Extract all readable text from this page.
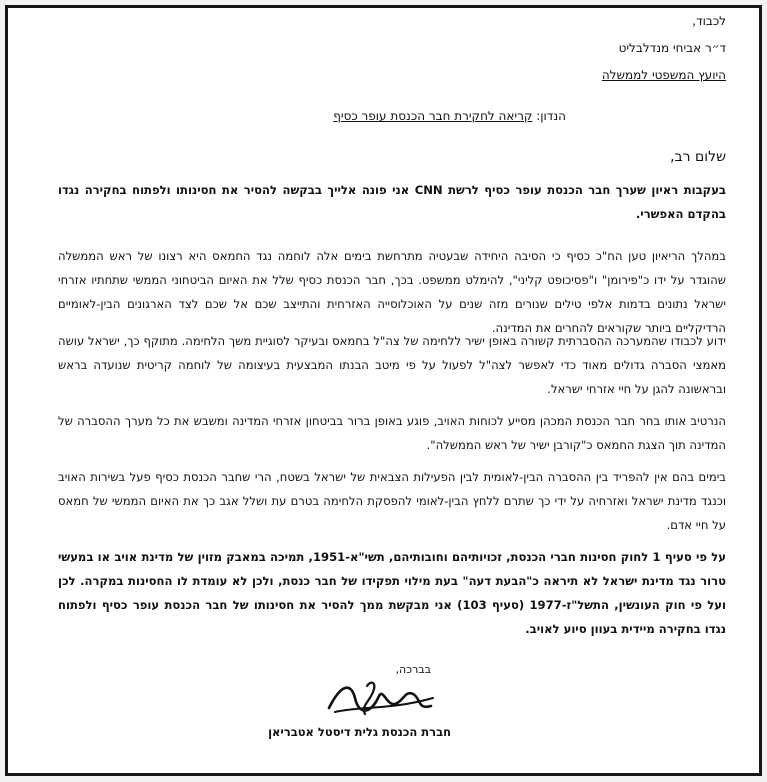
לכבוד,
ד״ר אביחי מנדלבליט
היועץ המשפטי לממשלה
הנדון: קריאה לחקירת חבר הכנסת עופר כסיף
שלום רב,
בעקבות ראיון שערך חבר הכנסת עופר כסיף לרשת CNN אני פונה אלייך בבקשה להסיר את חסינותו ולפתוח בחקירה נגדו בהקדם האפשרי.
במהלך הריאיון טען הח"כ כסיף כי הסיבה היחידה שבעטיה מתרחשת בימים אלה לוחמה נגד החמאס היא רצונו של ראש הממשלה שהוגדר על ידו כ"פירומן" ו"פסיכופט קליני", להימלט ממשפט. בכך, חבר הכנסת כסיף שלל את האיום הביטחוני הממשי שתחתיו אזרחי ישראל נתונים בדמות אלפי טילים שנורים מזה שנים על האוכלוסייה האזרחית והתייצב שכם אל שכם לצד הארגונים הבין-לאומיים הרדיקליים ביותר שקוראים להחרים את המדינה.
ידוע לכבודו שהמערכה ההסברתית קשורה באופן ישיר ללחימה של צה"ל בחמאס ובעיקר לסוגיית משך הלחימה. מתוקף כך, ישראל עושה מאמצי הסברה גדולים מאוד כדי לאפשר לצה"ל לפעול על פי מיטב הבנתו המבצעית בעיצומה של לוחמה קריטית שנועדה בראש ובראשונה להגן על חיי אזרחי ישראל.
הנרטיב אותו בחר חבר הכנסת המכהן מסייע לכוחות האויב, פוגע באופן ברור בביטחון אזרחי המדינה ומשבש את כל מערך ההסברה של המדינה תוך הצגת החמאס כ"קורבן ישיר של ראש הממשלה".
בימים בהם אין להפריד בין ההסברה הבין-לאומית לבין הפעילות הצבאית של ישראל בשטח, הרי שחבר הכנסת כסיף פעל בשירות האויב וכנגד מדינת ישראל ואזרחיה על ידי כך שתרם ללחץ הבין-לאומי להפסקת הלחימה בטרם עת ושלל אגב כך את האיום הממשי של חמאס על חיי אדם.
על פי סעיף 1 לחוק חסינות חברי הכנסת, זכויותיהם וחובותיהם, תשי"א-1951, תמיכה במאבק מזוין של מדינת אויב או במעשי טרור נגד מדינת ישראל לא תיראה כ"הבעת דעה" בעת מילוי תפקידו של חבר כנסת, ולכן לא עומדת לו החסינות במקרה. לכן ועל פי חוק העונשין, התשל"ז-1977 (סעיף 103) אני מבקשת ממך להסיר את חסינותו של חבר הכנסת עופר כסיף ולפתוח נגדו בחקירה מיידית בעוון סיוע לאויב.
בברכה,
חברת הכנסת גלית דיסטל אטבריאן
